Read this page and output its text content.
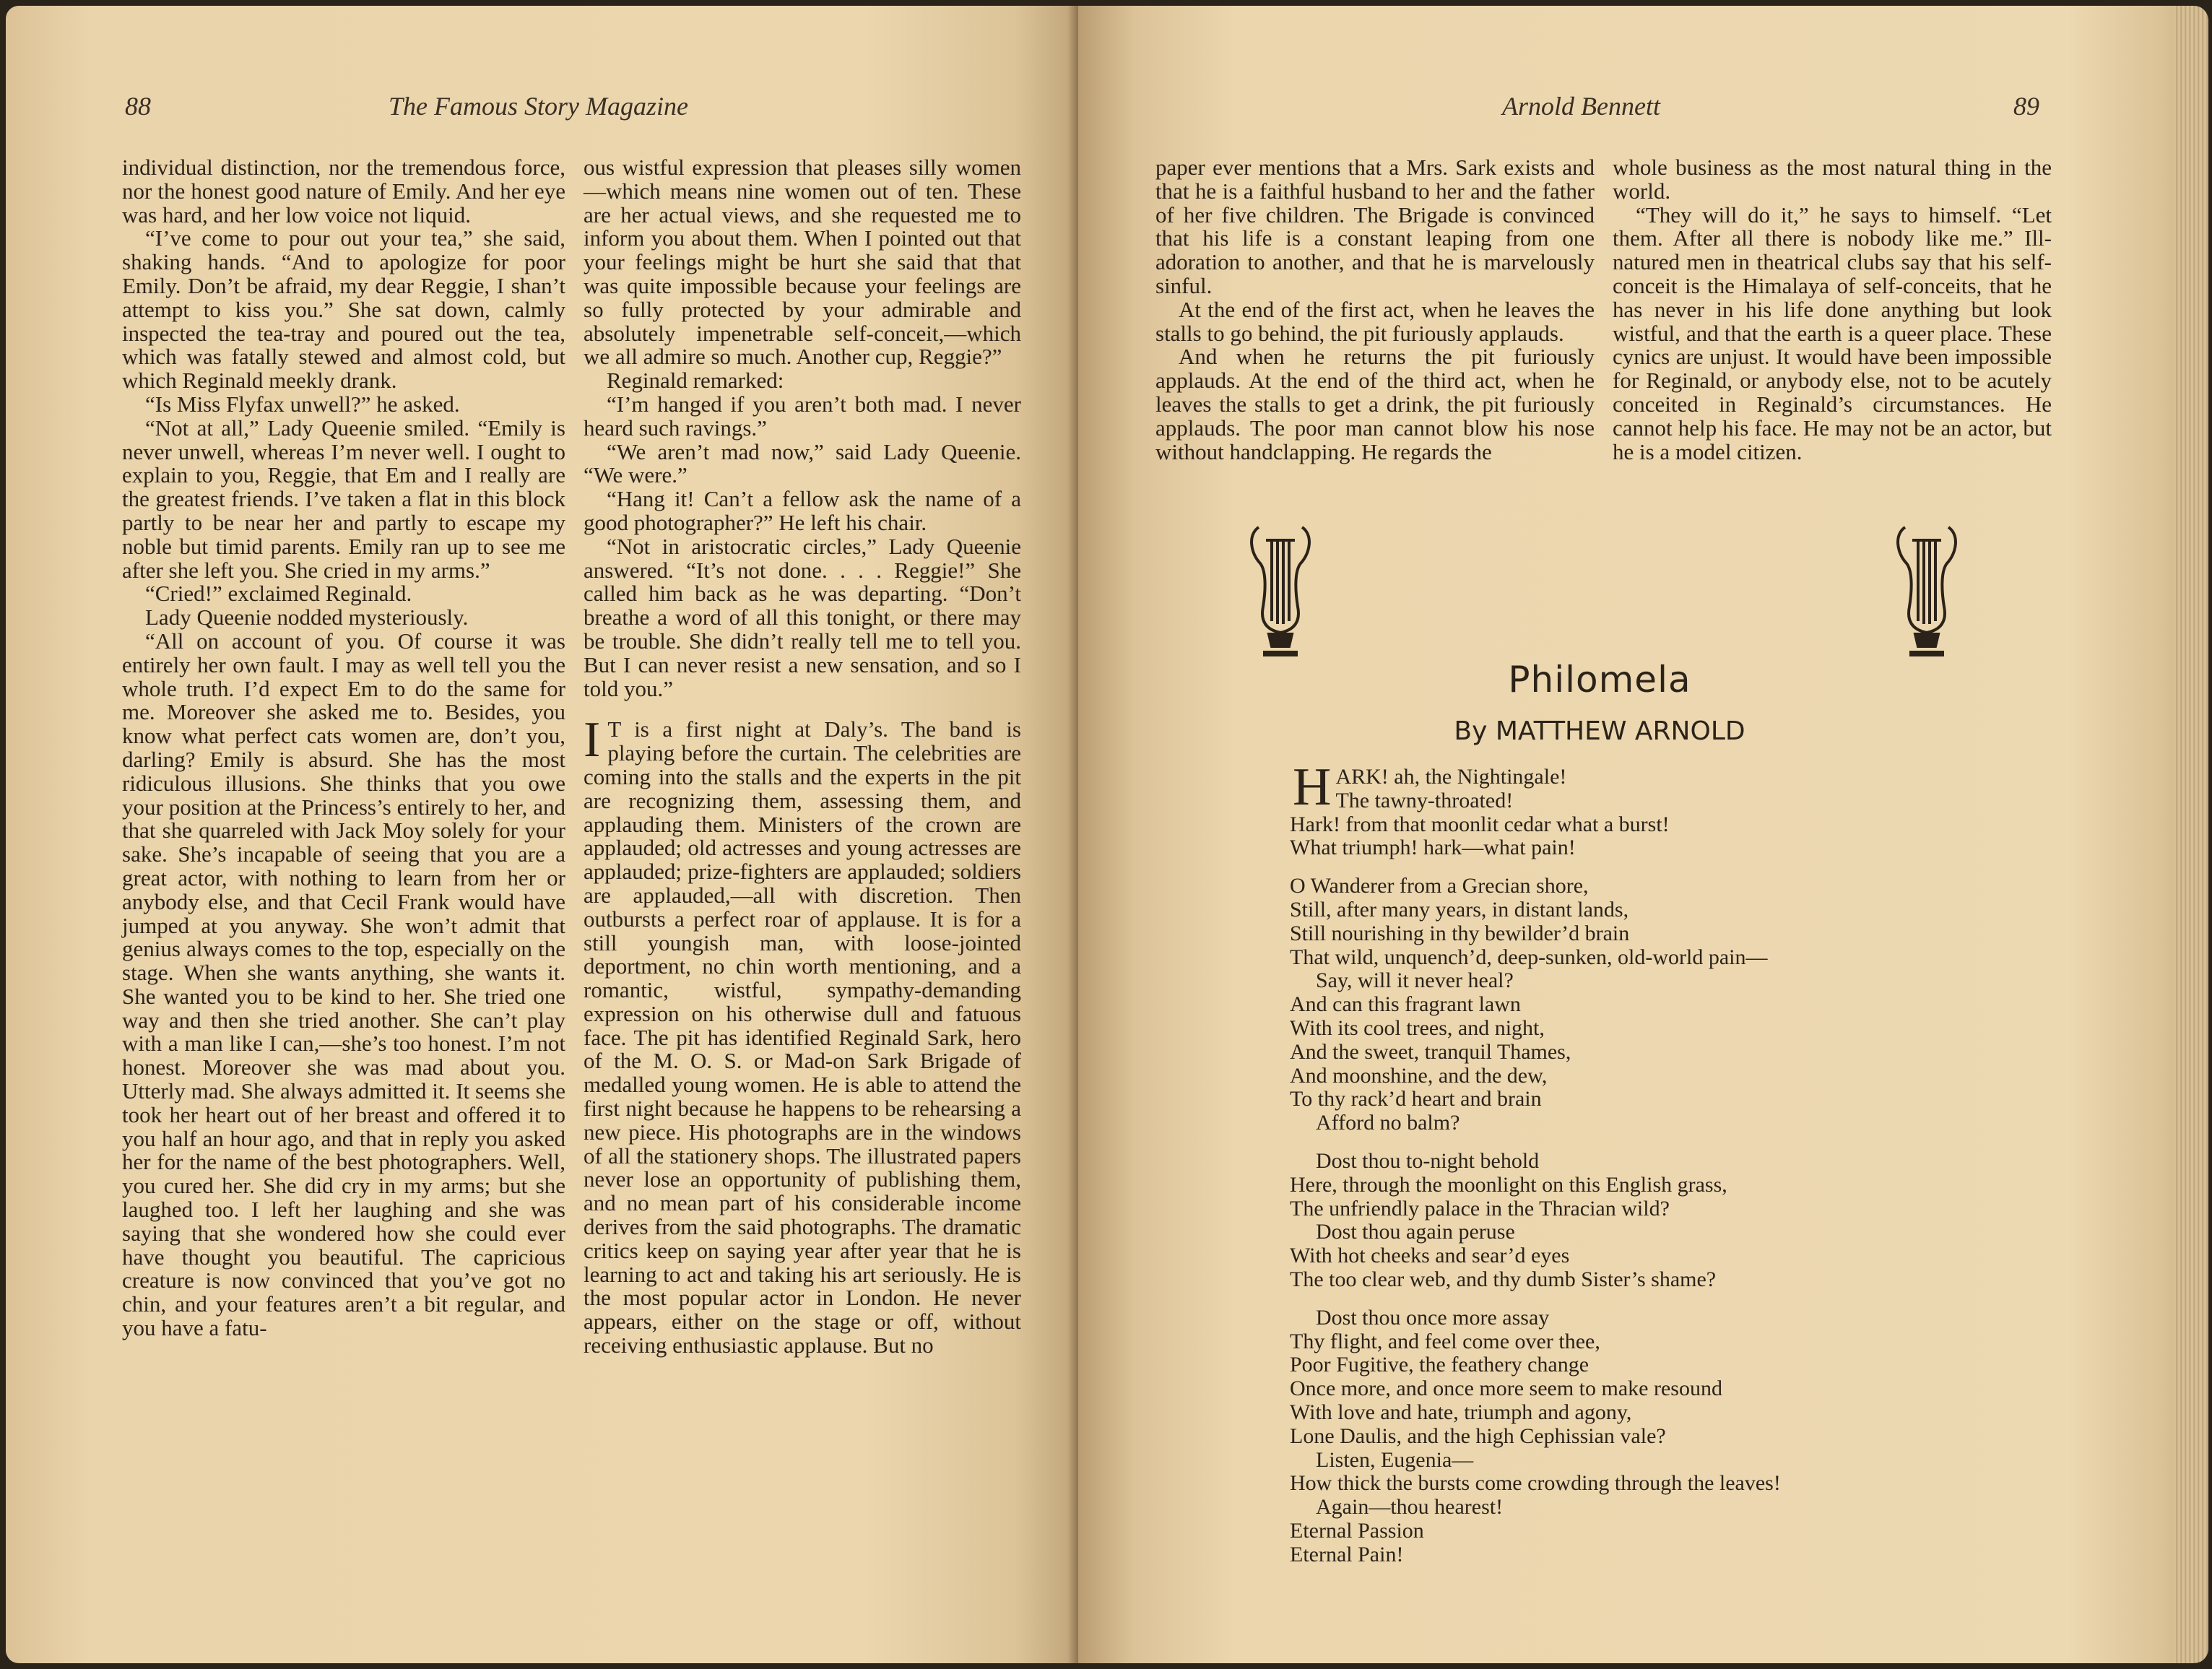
88	The Famous Story Magazine

individual distinction, nor the tremendous force, nor the honest good nature of Emily. And her eye was hard, and her low voice not liquid.

“I’ve come to pour out your tea,” she said, shaking hands. “And to apologize for poor Emily. Don’t be afraid, my dear Reggie, I shan’t attempt to kiss you.” She sat down, calmly inspected the tea-tray and poured out the tea, which was fatally stewed and almost cold, but which Reginald meekly drank.

“Is Miss Flyfax unwell?” he asked.

“Not at all,” Lady Queenie smiled. “Emily is never unwell, whereas I’m never well. I ought to explain to you, Reggie, that Em and I really are the greatest friends. I’ve taken a flat in this block partly to be near her and partly to escape my noble but timid parents. Emily ran up to see me after she left you. She cried in my arms.”

“Cried!” exclaimed Reginald.

Lady Queenie nodded mysteriously.

“All on account of you. Of course it was entirely her own fault. I may as well tell you the whole truth. I’d expect Em to do the same for me. Moreover she asked me to. Besides, you know what perfect cats women are, don’t you, darling? Emily is absurd. She has the most ridiculous illusions. She thinks that you owe your position at the Princess’s entirely to her, and that she quarreled with Jack Moy solely for your sake. She’s incapable of seeing that you are a great actor, with nothing to learn from her or anybody else, and that Cecil Frank would have jumped at you anyway. She won’t admit that genius always comes to the top, especially on the stage. When she wants anything, she wants it. She wanted you to be kind to her. She tried one way and then she tried another. She can’t play with a man like I can,—she’s too honest. I’m not honest. Moreover she was mad about you. Utterly mad. She always admitted it. It seems she took her heart out of her breast and offered it to you half an hour ago, and that in reply you asked her for the name of the best photographers. Well, you cured her. She did cry in my arms; but she laughed too. I left her laughing and she was saying that she wondered how she could ever have thought you beautiful. The capricious creature is now convinced that you’ve got no chin, and your features aren’t a bit regular, and you have a fatu-

ous wistful expression that pleases silly women—which means nine women out of ten. These are her actual views, and she requested me to inform you about them. When I pointed out that your feelings might be hurt she said that that was quite impossible because your feelings are so fully protected by your admirable and absolutely impenetrable self-conceit,—which we all admire so much. Another cup, Reggie?”

Reginald remarked:

“I’m hanged if you aren’t both mad. I never heard such ravings.”

“We aren’t mad now,” said Lady Queenie. “We were.”

“Hang it! Can’t a fellow ask the name of a good photographer?” He left his chair.

“Not in aristocratic circles,” Lady Queenie answered. “It’s not done. . . . Reggie!” She called him back as he was departing. “Don’t breathe a word of all this tonight, or there may be trouble. She didn’t really tell me to tell you. But I can never resist a new sensation, and so I told you.”

I T is a first night at Daly’s. The band is playing before the curtain. The celebrities are coming into the stalls and the experts in the pit are recognizing them, assessing them, and applauding them. Ministers of the crown are applauded; old actresses and young actresses are applauded; prize-fighters are applauded; soldiers are applauded,—all with discretion. Then outbursts a perfect roar of applause. It is for a still youngish man, with loose-jointed deportment, no chin worth mentioning, and a romantic, wistful, sympathy-demanding expression on his otherwise dull and fatuous face. The pit has identified Reginald Sark, hero of the M. O. S. or Mad-on Sark Brigade of medalled young women. He is able to attend the first night because he happens to be rehearsing a new piece. His photographs are in the windows of all the stationery shops. The illustrated papers never lose an opportunity of publishing them, and no mean part of his considerable income derives from the said photographs. The dramatic critics keep on saying year after year that he is learning to act and taking his art seriously. He is the most popular actor in London. He never appears, either on the stage or off, without receiving enthusiastic applause. But no

Arnold Bennett	89

paper ever mentions that a Mrs. Sark exists and that he is a faithful husband to her and the father of her five children. The Brigade is convinced that his life is a constant leaping from one adoration to another, and that he is marvelously sinful.

At the end of the first act, when he leaves the stalls to go behind, the pit furiously applauds.

And when he returns the pit furiously applauds. At the end of the third act, when he leaves the stalls to get a drink, the pit furiously applauds. The poor man cannot blow his nose without handclapping. He regards the

whole business as the most natural thing in the world.

“They will do it,” he says to himself. “Let them. After all there is nobody like me.” Ill-natured men in theatrical clubs say that his self-conceit is the Himalaya of self-conceits, that he has never in his life done anything but look wistful, and that the earth is a queer place. These cynics are unjust. It would have been impossible for Reginald, or anybody else, not to be acutely conceited in Reginald’s circumstances. He cannot help his face. He may not be an actor, but he is a model citizen.

Philomela
By MATTHEW ARNOLD
H ARK! ah, the Nightingale!
The tawny-throated!
Hark! from that moonlit cedar what a burst!
What triumph! hark—what pain!
O Wanderer from a Grecian shore,
Still, after many years, in distant lands,
Still nourishing in thy bewilder’d brain
That wild, unquench’d, deep-sunken, old-world pain—
Say, will it never heal?
And can this fragrant lawn
With its cool trees, and night,
And the sweet, tranquil Thames,
And moonshine, and the dew,
To thy rack’d heart and brain
Afford no balm?
Dost thou to-night behold
Here, through the moonlight on this English grass,
The unfriendly palace in the Thracian wild?
Dost thou again peruse
With hot cheeks and sear’d eyes
The too clear web, and thy dumb Sister’s shame?
Dost thou once more assay
Thy flight, and feel come over thee,
Poor Fugitive, the feathery change
Once more, and once more seem to make resound
With love and hate, triumph and agony,
Lone Daulis, and the high Cephissian vale?
Listen, Eugenia—
How thick the bursts come crowding through the leaves!
Again—thou hearest!
Eternal Passion
Eternal Pain!
